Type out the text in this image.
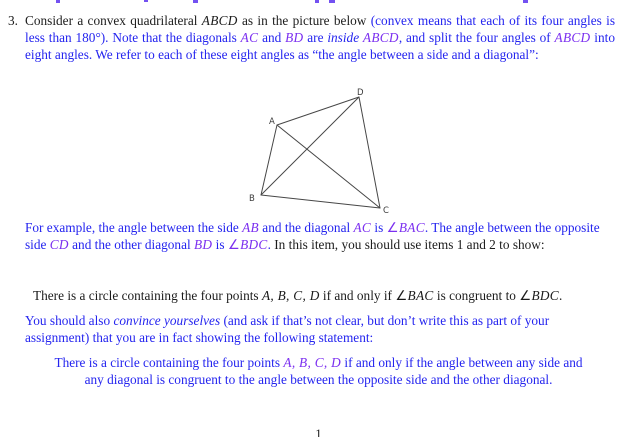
3. Consider a convex quadrilateral ABCD as in the picture below (convex means that each of its four angles is less than 180°). Note that the diagonals AC and BD are inside ABCD, and split the four angles of ABCD into eight angles. We refer to each of these eight angles as “the angle between a side and a diagonal”:
A
B
C
D
For example, the angle between the side AB and the diagonal AC is ∠BAC. The angle between the opposite side CD and the other diagonal BD is ∠BDC. In this item, you should use items 1 and 2 to show:
There is a circle containing the four points A, B, C, D if and only if ∠BAC is congruent to ∠BDC.
You should also convince yourselves (and ask if that’s not clear, but don’t write this as part of your assignment) that you are in fact showing the following statement:
There is a circle containing the four points A, B, C, D if and only if the angle between any side and any diagonal is congruent to the angle between the opposite side and the other diagonal.
1
